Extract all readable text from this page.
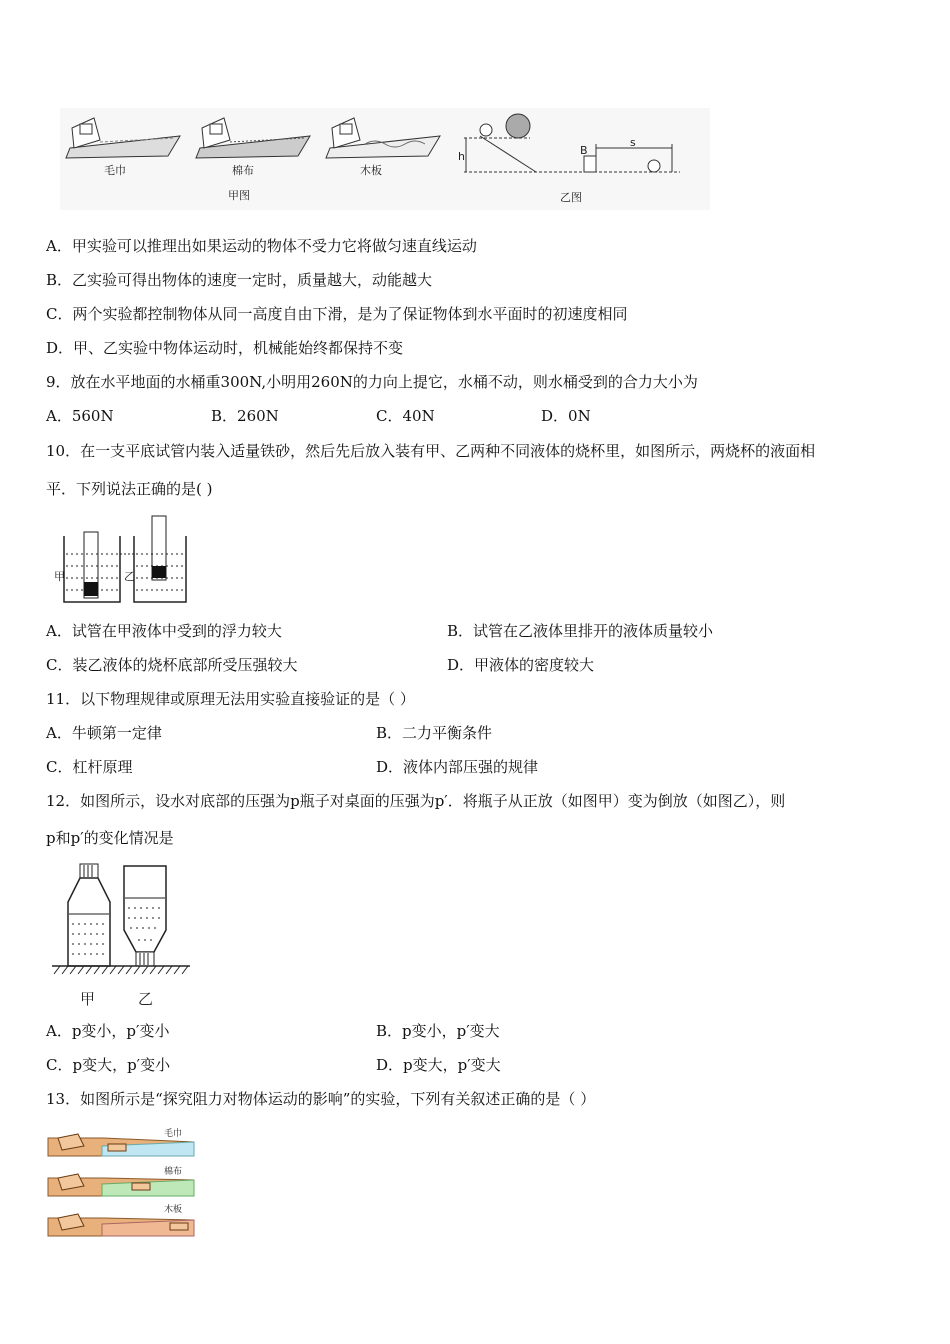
毛巾	棉布	木板
甲图
h	B
s
乙图
A．甲实验可以推理出如果运动的物体不受力它将做匀速直线运动
B．乙实验可得出物体的速度一定时，质量越大，动能越大
C．两个实验都控制物体从同一高度自由下滑，是为了保证物体到水平面时的初速度相同
D．甲、乙实验中物体运动时，机械能始终都保持不变
9．放在水平地面的水桶重300N,小明用260N的力向上提它，水桶不动，则水桶受到的合力大小为
A．560N	B．260N	C．40N	D．0N
10．在一支平底试管内装入适量铁砂，然后先后放入装有甲、乙两种不同液体的烧杯里，如图所示，两烧杯的液面相
平．下列说法正确的是( )
甲	乙
A．试管在甲液体中受到的浮力较大	B．试管在乙液体里排开的液体质量较小
C．装乙液体的烧杯底部所受压强较大	D．甲液体的密度较大
11．以下物理规律或原理无法用实验直接验证的是（ ）
A．牛顿第一定律	B．二力平衡条件
C．杠杆原理	D．液体内部压强的规律
12．如图所示，设水对底部的压强为p瓶子对桌面的压强为p′．将瓶子从正放（如图甲）变为倒放（如图乙），则
p和p′的变化情况是
甲	乙
A．p变小，p′变小	B．p变小，p′变大
C．p变大，p′变小	D．p变大，p′变大
13．如图所示是“探究阻力对物体运动的影响”的实验，下列有关叙述正确的是（ ）
毛巾
棉布
木板
